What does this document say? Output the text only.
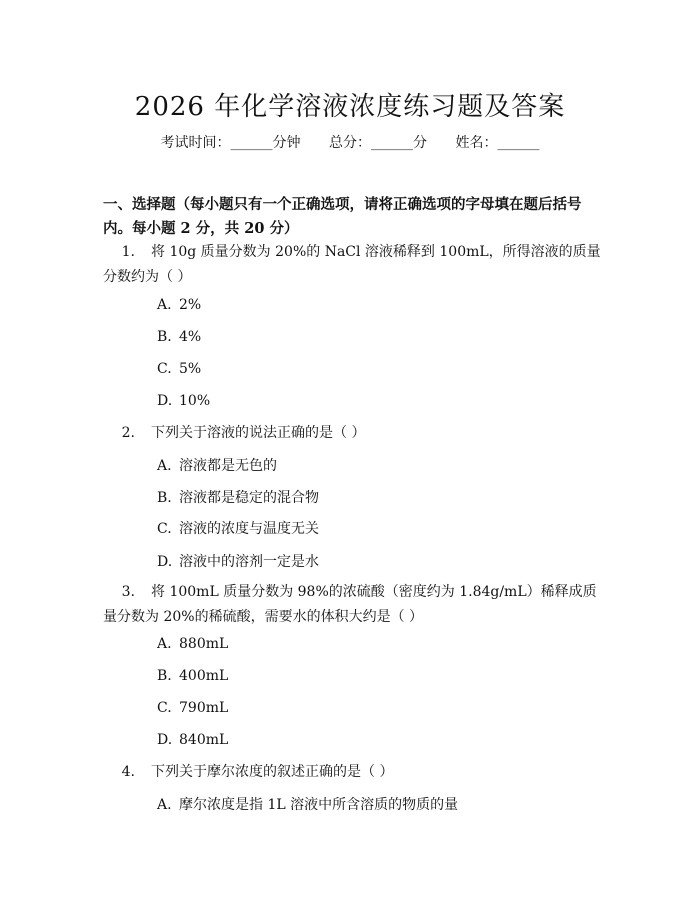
2026 年化学溶液浓度练习题及答案
考试时间：______分钟 总分：______分 姓名：______
一、选择题（每小题只有一个正确选项，请将正确选项的字母填在题后括号内。每小题 2 分，共 20 分）
1. 将 10g 质量分数为 20%的 NaCl 溶液稀释到 100mL，所得溶液的质量分数约为（ ）
A. 2%
B. 4%
C. 5%
D. 10%
2. 下列关于溶液的说法正确的是（ ）
A. 溶液都是无色的
B. 溶液都是稳定的混合物
C. 溶液的浓度与温度无关
D. 溶液中的溶剂一定是水
3. 将 100mL 质量分数为 98%的浓硫酸（密度约为 1.84g/mL）稀释成质量分数为 20%的稀硫酸，需要水的体积大约是（ ）
A. 880mL
B. 400mL
C. 790mL
D. 840mL
4. 下列关于摩尔浓度的叙述正确的是（ ）
A. 摩尔浓度是指 1L 溶液中所含溶质的物质的量
